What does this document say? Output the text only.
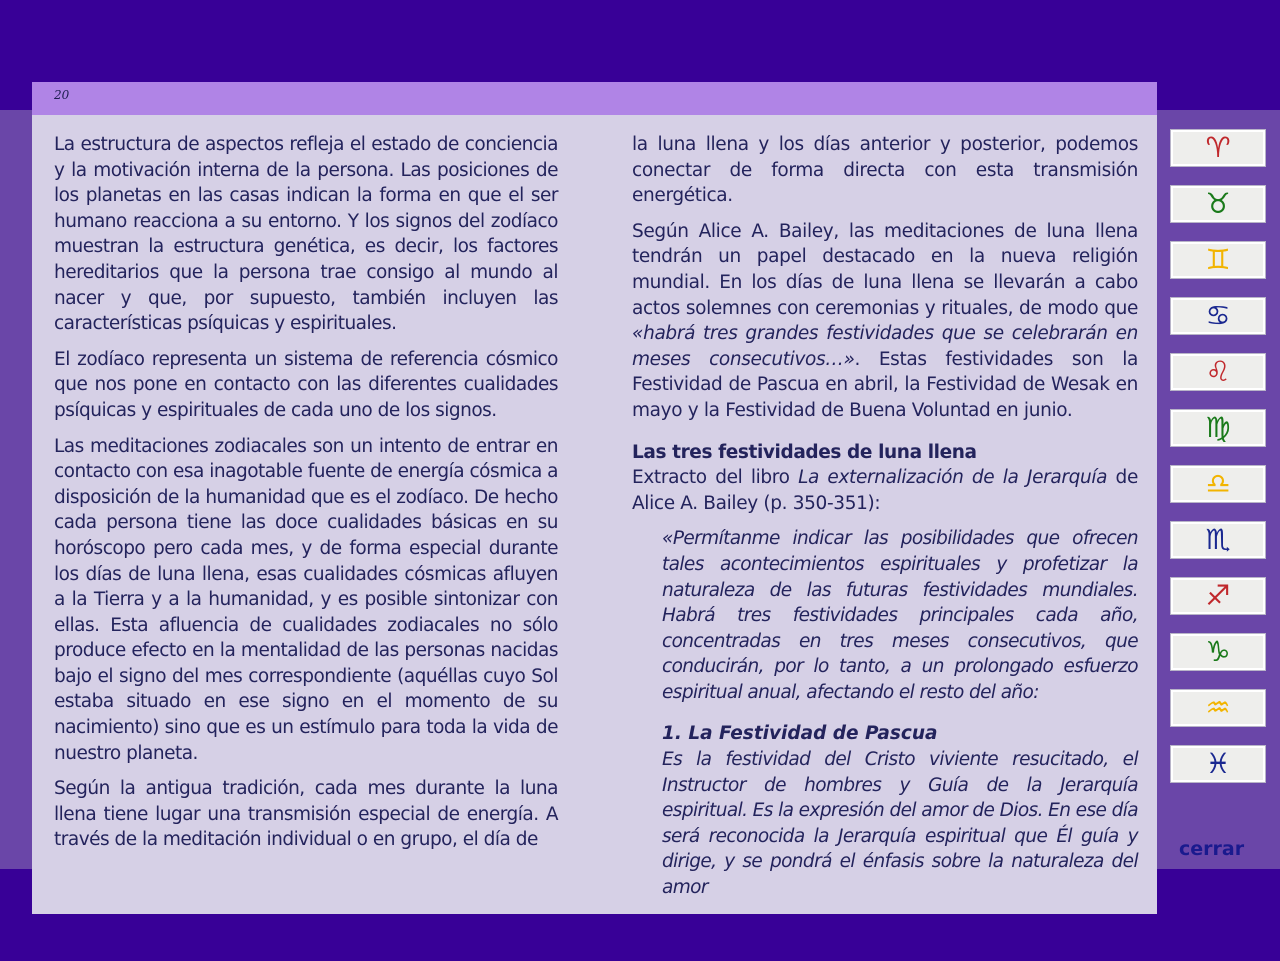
20

La estructura de aspectos refleja el estado de conciencia y la motivación interna de la persona. Las posiciones de los planetas en las casas indican la forma en que el ser humano reacciona a su entorno. Y los signos del zodíaco muestran la estructura genética, es decir, los factores hereditarios que la persona trae consigo al mundo al nacer y que, por supuesto, también incluyen las características psíquicas y espirituales.

El zodíaco representa un sistema de referencia cósmico que nos pone en contacto con las diferentes cualidades psíquicas y espirituales de cada uno de los signos.

Las meditaciones zodiacales son un intento de entrar en contacto con esa inagotable fuente de energía cósmica a disposición de la humanidad que es el zodíaco. De hecho cada persona tiene las doce cualidades básicas en su horóscopo pero cada mes, y de forma especial durante los días de luna llena, esas cualidades cósmicas afluyen a la Tierra y a la humanidad, y es posible sintonizar con ellas. Esta afluencia de cualidades zodiacales no sólo produce efecto en la mentalidad de las personas nacidas bajo el signo del mes correspondiente (aquéllas cuyo Sol estaba situado en ese signo en el momento de su nacimiento) sino que es un estímulo para toda la vida de nuestro planeta.

Según la antigua tradición, cada mes durante la luna llena tiene lugar una transmisión especial de energía. A través de la meditación individual o en grupo, el día de

la luna llena y los días anterior y posterior, podemos conectar de forma directa con esta transmisión energética.

Según Alice A. Bailey, las meditaciones de luna llena tendrán un papel destacado en la nueva religión mundial. En los días de luna llena se llevarán a cabo actos solemnes con ceremonias y rituales, de modo que «habrá tres grandes festividades que se celebrarán en meses consecutivos…». Estas festividades son la Festividad de Pascua en abril, la Festividad de Wesak en mayo y la Festividad de Buena Voluntad en junio.

Las tres festividades de luna llena

Extracto del libro La externalización de la Jerarquía de Alice A. Bailey (p. 350-351):

«Permítanme indicar las posibilidades que ofrecen tales acontecimientos espirituales y profetizar la naturaleza de las futuras festividades mundiales. Habrá tres festividades principales cada año, concentradas en tres meses consecutivos, que conducirán, por lo tanto, a un prolongado esfuerzo espiritual anual, afectando el resto del año:

1. La Festividad de Pascua

Es la festividad del Cristo viviente resucitado, el Instructor de hombres y Guía de la Jerarquía espiritual. Es la expresión del amor de Dios. En ese día será reconocida la Jerarquía espiritual que Él guía y dirige, y se pondrá el énfasis sobre la naturaleza del amor

♈
♉
♊
♋
♌
♍
♎
♏
♐
♑
♒
♓
cerrar
